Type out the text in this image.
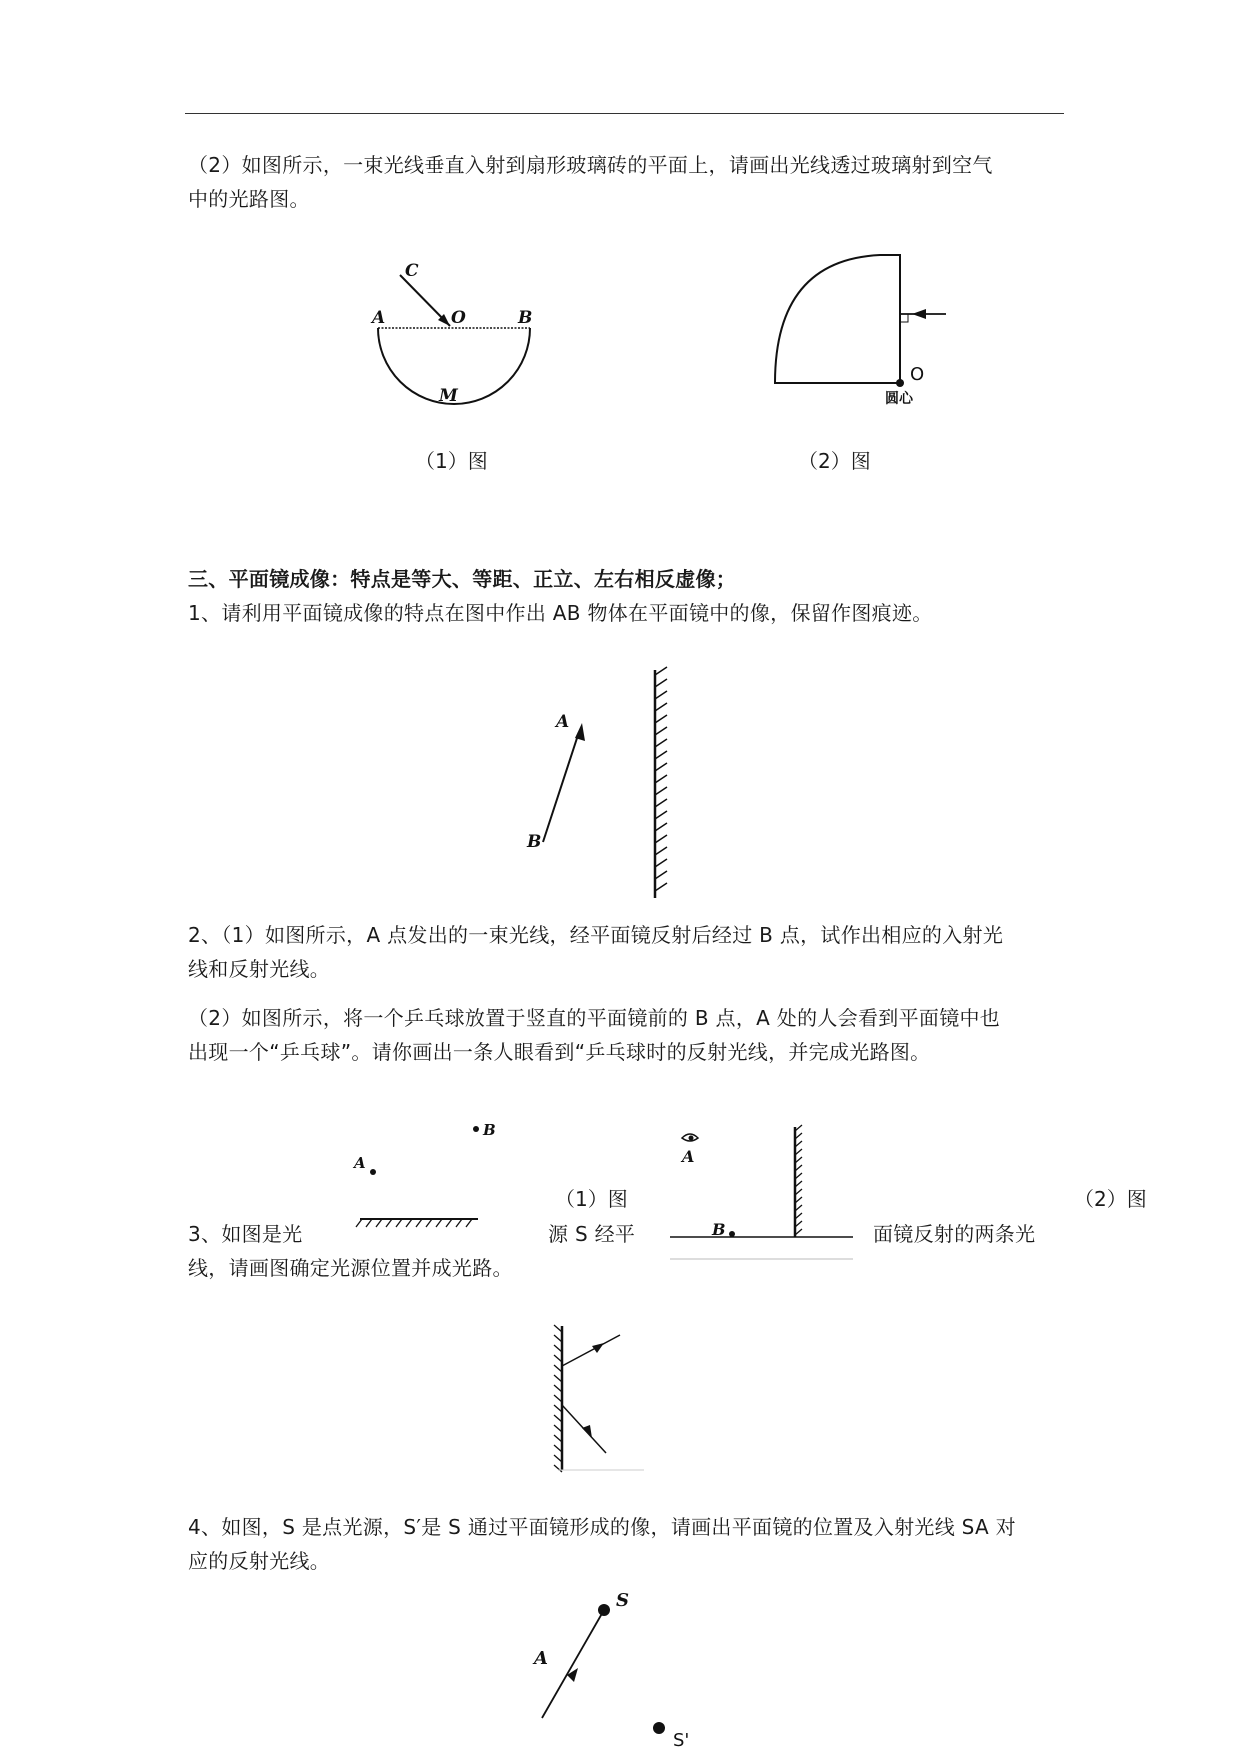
（2）如图所示，一束光线垂直入射到扇形玻璃砖的平面上，请画出光线透过玻璃射到空气
中的光路图。
C
A	O	B
M
（1）图
O
圆心
（2）图
三、平面镜成像：特点是等大、等距、正立、左右相反虚像；
1、请利用平面镜成像的特点在图中作出 AB 物体在平面镜中的像，保留作图痕迹。
A
B
2、（1）如图所示，A 点发出的一束光线，经平面镜反射后经过 B 点，试作出相应的入射光
线和反射光线。
（2）如图所示，将一个乒乓球放置于竖直的平面镜前的 B 点，A 处的人会看到平面镜中也
出现一个“乒乓球”。请你画出一条人眼看到“乒乓球时的反射光线，并完成光路图。
B
A
（1）图
A
B
（2）图
3、如图是光	源 S 经平	面镜反射的两条光
线，请画图确定光源位置并成光路。
4、如图，S 是点光源，S′是 S 通过平面镜形成的像，请画出平面镜的位置及入射光线 SA 对
应的反射光线。
S
A
S'
